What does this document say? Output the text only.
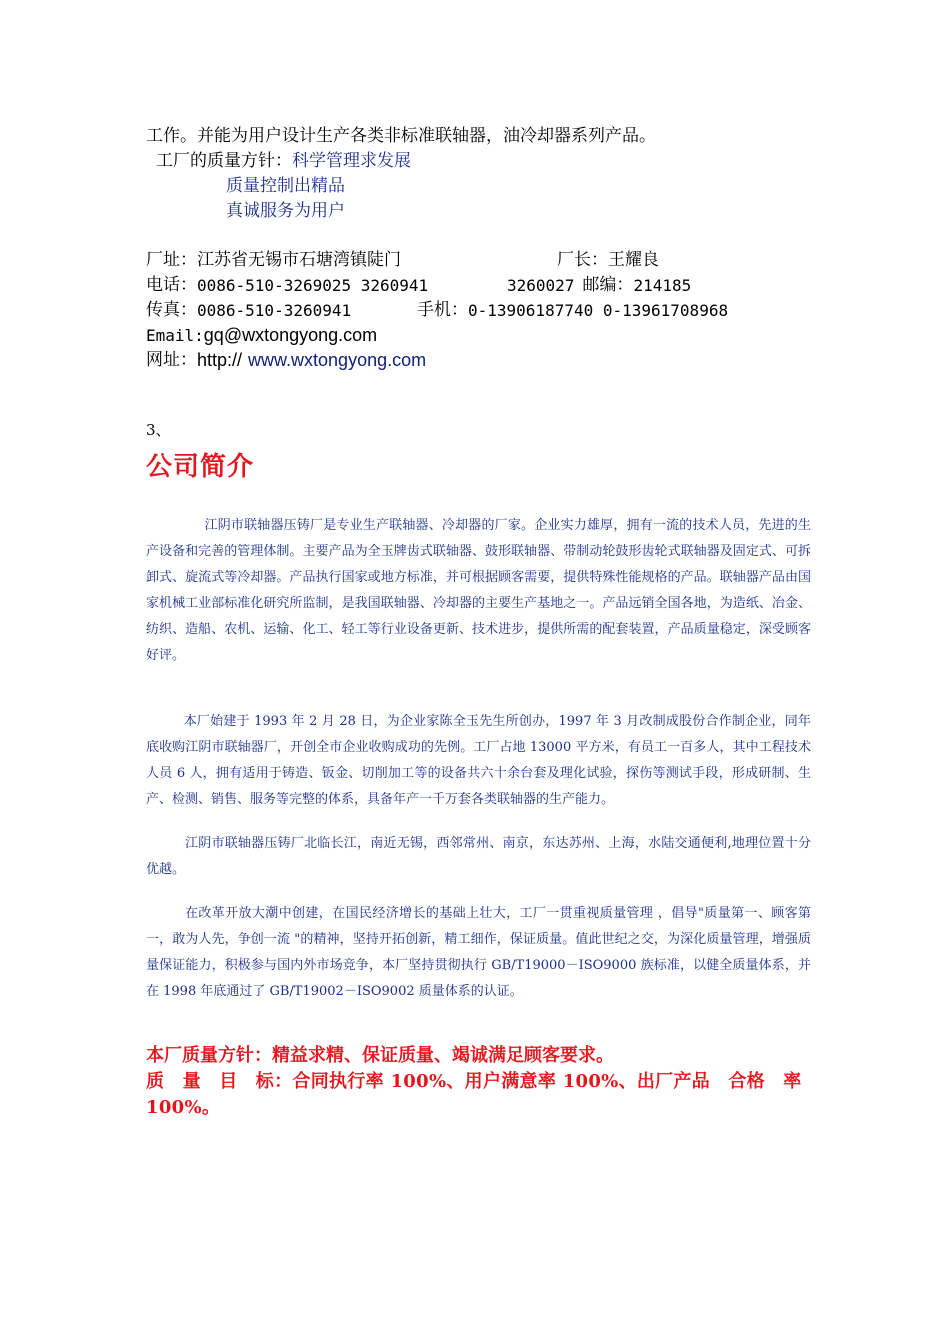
工作。并能为用户设计生产各类非标准联轴器，油冷却器系列产品。
工厂的质量方针：科学管理求发展
质量控制出精品
真诚服务为用户
厂址： 江苏省无锡市石塘湾镇陡门	厂长： 王耀良
电话： 0086-510-3269025 3260941	3260027 邮编： 214185
传真： 0086-510-3260941	手机： 0-13906187740 0-13961708968
Email: gq@wxtongyong.com
网址： http:// www.wxtongyong.com
3、
公司简介

江阴市联轴器压铸厂是专业生产联轴器、冷却器的厂家。企业实力雄厚，拥有一流的技术人员，先进的生产设备和完善的管理体制。主要产品为全玉牌齿式联轴器、鼓形联轴器、带制动轮鼓形齿轮式联轴器及固定式、可拆卸式、旋流式等冷却器。产品执行国家或地方标准，并可根据顾客需要，提供特殊性能规格的产品。联轴器产品由国家机械工业部标准化研究所监制，是我国联轴器、冷却器的主要生产基地之一。产品远销全国各地，为造纸、冶金、纺织、造船、农机、运输、化工、轻工等行业设备更新、技术进步，提供所需的配套装置，产品质量稳定，深受顾客好评。

本厂始建于 1993 年 2 月 28 日，为企业家陈全玉先生所创办，1997 年 3 月改制成股份合作制企业，同年底收购江阴市联轴器厂，开创全市企业收购成功的先例。工厂占地 13000 平方米，有员工一百多人，其中工程技术人员 6 人，拥有适用于铸造、钣金、切削加工等的设备共六十余台套及理化试验，探伤等测试手段，形成研制、生产、检测、销售、服务等完整的体系，具备年产一千万套各类联轴器的生产能力。

江阴市联轴器压铸厂北临长江，南近无锡，西邻常州、南京，东达苏州、上海，水陆交通便利,地理位置十分优越。

在改革开放大潮中创建，在国民经济增长的基础上壮大，工厂一贯重视质量管理 ，倡导"质量第一、顾客第一，敢为人先，争创一流 "的精神，坚持开拓创新，精工细作，保证质量。值此世纪之交，为深化质量管理，增强质量保证能力，积极参与国内外市场竞争，本厂坚持贯彻执行 GB/T19000－ISO9000 族标准，以健全质量体系，并在 1998 年底通过了 GB/T19002－ISO9002 质量体系的认证。

本厂质量方针：精益求精、保证质量、竭诚满足顾客要求。
质　量　目　标：合同执行率 100%、用户满意率 100%、出厂产品　合格　率 100%。
